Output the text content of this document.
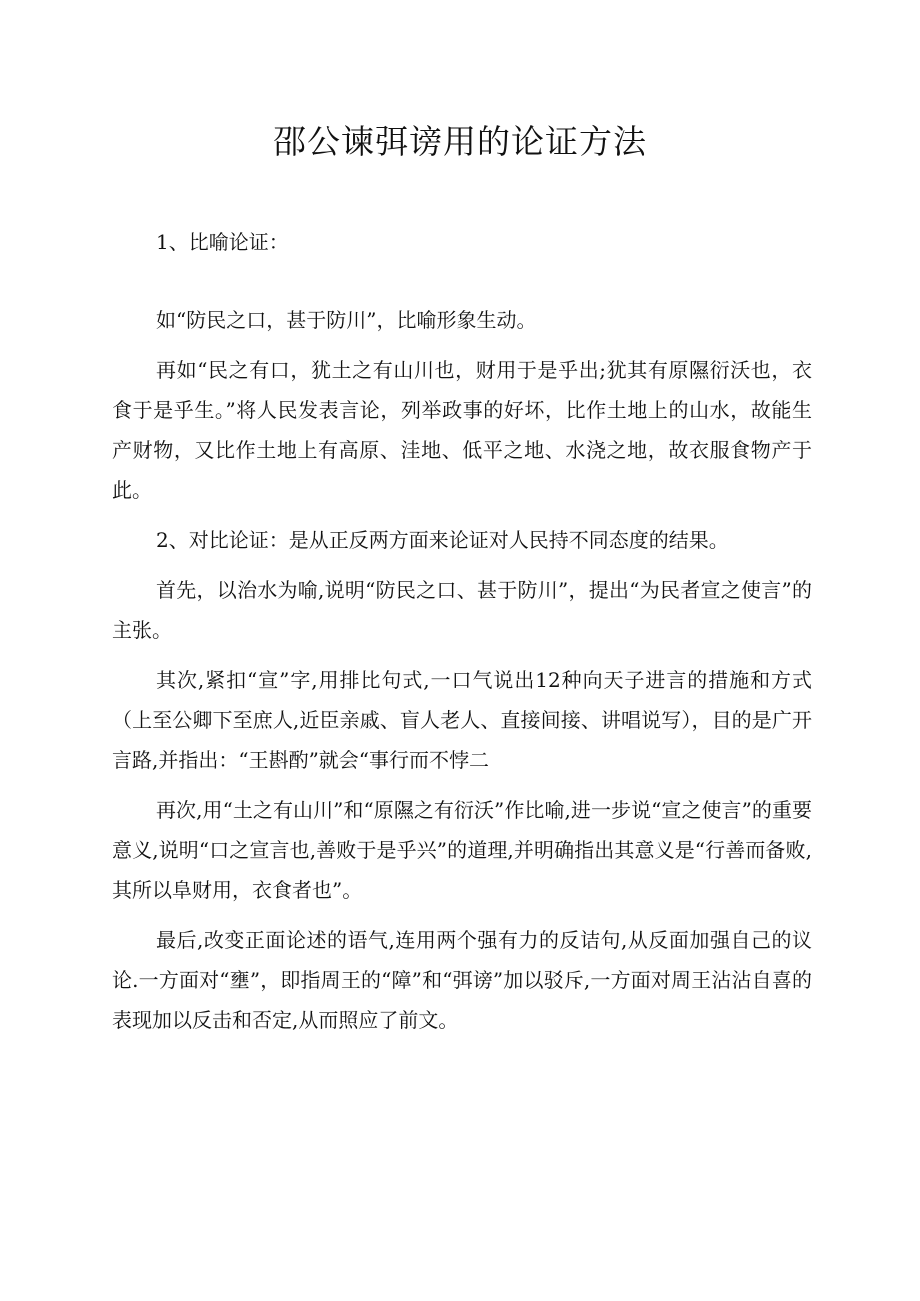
邵公谏弭谤用的论证方法

1、比喻论证：

如“防民之口，甚于防川”，比喻形象生动。

再如“民之有口，犹土之有山川也，财用于是乎出;犹其有原隰衍沃也，衣食于是乎生。”将人民发表言论，列举政事的好坏，比作土地上的山水，故能生产财物，又比作土地上有高原、洼地、低平之地、水浇之地，故衣服食物产于此。

2、对比论证：是从正反两方面来论证对人民持不同态度的结果。

首先，以治水为喻,说明“防民之口、甚于防川”，提出“为民者宣之使言”的主张。

其次,紧扣“宣”字,用排比句式,一口气说出12种向天子进言的措施和方式（上至公卿下至庶人,近臣亲戚、盲人老人、直接间接、讲唱说写），目的是广开言路,并指出：“王斟酌”就会“事行而不悖二

再次,用“土之有山川”和“原隰之有衍沃”作比喻,进一步说“宣之使言”的重要意义,说明“口之宣言也,善败于是乎兴”的道理,并明确指出其意义是“行善而备败,其所以阜财用，衣食者也”。

最后,改变正面论述的语气,连用两个强有力的反诘句,从反面加强自己的议论.一方面对“壅”，即指周王的“障”和“弭谤”加以驳斥,一方面对周王沾沾自喜的表现加以反击和否定,从而照应了前文。
